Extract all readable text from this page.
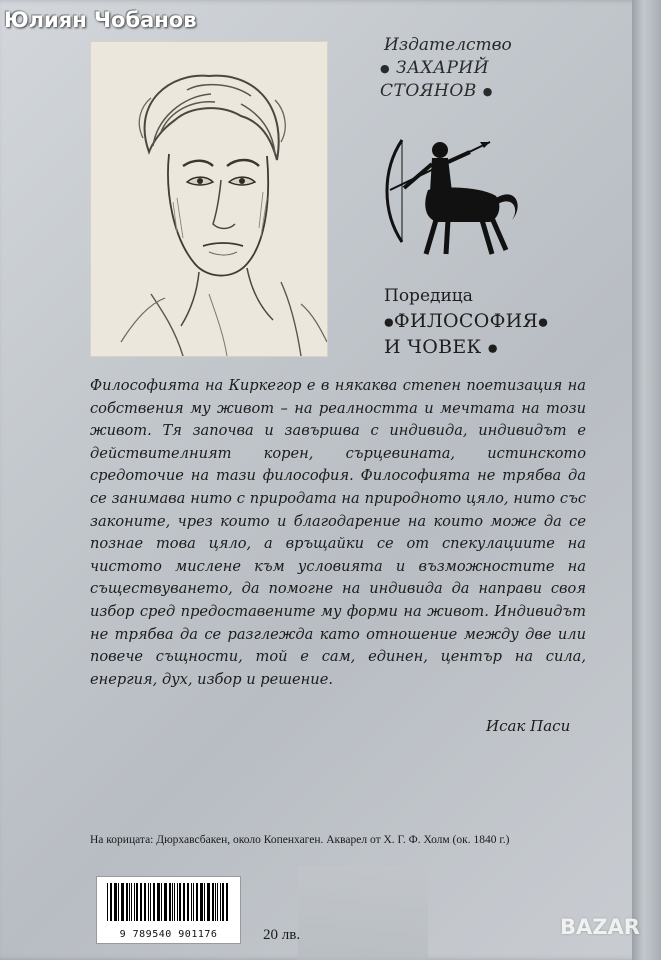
Юлиян Чобанов
Издателство
● ЗАХАРИЙ
СТОЯНОВ ●
Поредица
●ФИЛОСОФИЯ●
И ЧОВЕК ●

Философията на Киркегор е в някаква степен поетизация на собствения му живот – на реалността и мечтата на този живот. Тя започва и завършва с индивида, индивидът е действителният корен, сърцевината, истинското средоточие на тази философия. Философията не трябва да се занимава нито с природата на природното цяло, нито със законите, чрез които и благодарение на които може да се познае това цяло, а връщайки се от спекулациите на чистото мислене към условията и възможностите на съществуването, да помогне на индивида да направи своя избор сред предоставените му форми на живот. Индивидът не трябва да се разглежда като отношение между две или повече същности, той е сам, единен, център на сила, енергия, дух, избор и решение.

Исак Паси
На корицата: Дюрхавсбакен, около Копенхаген. Акварел от Х. Г. Ф. Холм (ок. 1840 г.)
9 789540 901176	20 лв.	BAZAR
